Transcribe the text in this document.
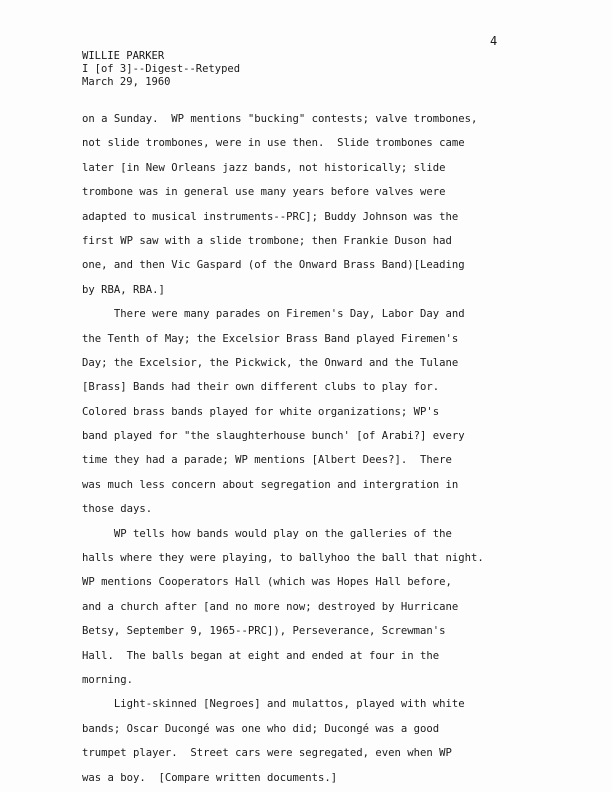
4
WILLIE PARKER
I [of 3]--Digest--Retyped
March 29, 1960
on a Sunday.  WP mentions "bucking" contests; valve trombones,
not slide trombones, were in use then.  Slide trombones came
later [in New Orleans jazz bands, not historically; slide
trombone was in general use many years before valves were
adapted to musical instruments--PRC]; Buddy Johnson was the
first WP saw with a slide trombone; then Frankie Duson had
one, and then Vic Gaspard (of the Onward Brass Band)[Leading
by RBA, RBA.]
There were many parades on Firemen's Day, Labor Day and
the Tenth of May; the Excelsior Brass Band played Firemen's
Day; the Excelsior, the Pickwick, the Onward and the Tulane
[Brass] Bands had their own different clubs to play for.
Colored brass bands played for white organizations; WP's
band played for "the slaughterhouse bunch' [of Arabi?] every
time they had a parade; WP mentions [Albert Dees?].  There
was much less concern about segregation and intergration in
those days.
WP tells how bands would play on the galleries of the
halls where they were playing, to ballyhoo the ball that night.
WP mentions Cooperators Hall (which was Hopes Hall before,
and a church after [and no more now; destroyed by Hurricane
Betsy, September 9, 1965--PRC]), Perseverance, Screwman's
Hall.  The balls began at eight and ended at four in the
morning.
Light-skinned [Negroes] and mulattos, played with white
bands; Oscar Ducongé was one who did; Ducongé was a good
trumpet player.  Street cars were segregated, even when WP
was a boy.  [Compare written documents.]
